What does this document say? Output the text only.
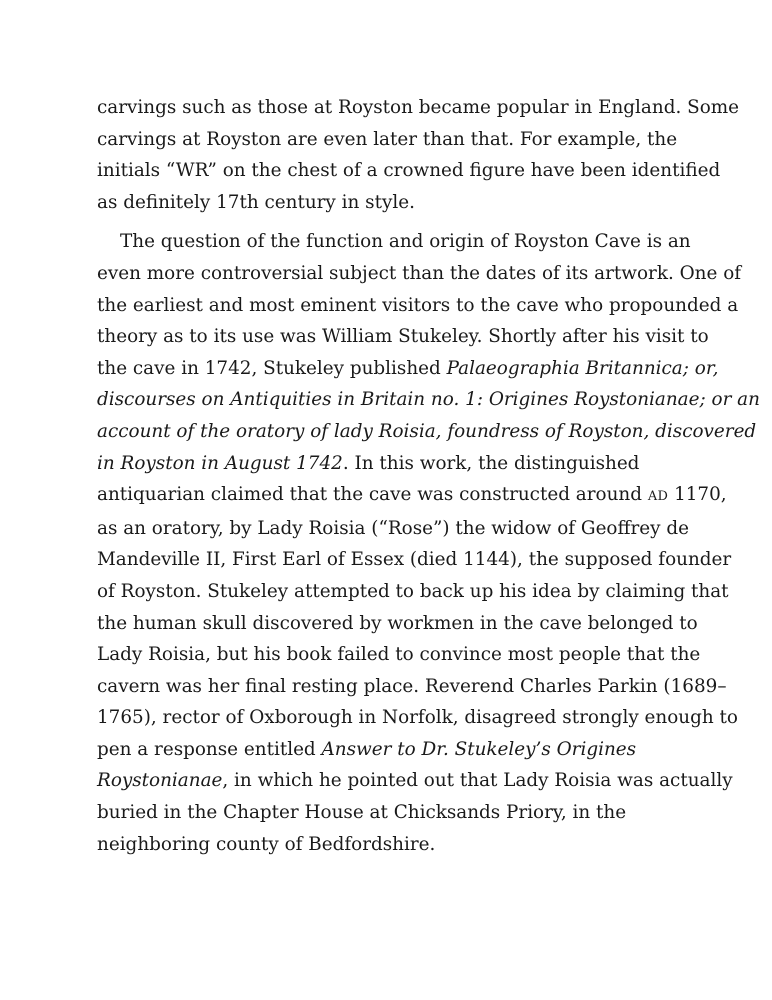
carvings such as those at Royston became popular in England. Some
carvings at Royston are even later than that. For example, the
initials “WR” on the chest of a crowned figure have been identified
as definitely 17th century in style.

The question of the function and origin of Royston Cave is an
even more controversial subject than the dates of its artwork. One of
the earliest and most eminent visitors to the cave who propounded a
theory as to its use was William Stukeley. Shortly after his visit to
the cave in 1742, Stukeley published Palaeographia Britannica; or,
discourses on Antiquities in Britain no. 1: Origines Roystonianae; or an
account of the oratory of lady Roisia, foundress of Royston, discovered
in Royston in August 1742. In this work, the distinguished
antiquarian claimed that the cave was constructed around AD 1170,
as an oratory, by Lady Roisia (“Rose”) the widow of Geoffrey de
Mandeville II, First Earl of Essex (died 1144), the supposed founder
of Royston. Stukeley attempted to back up his idea by claiming that
the human skull discovered by workmen in the cave belonged to
Lady Roisia, but his book failed to convince most people that the
cavern was her final resting place. Reverend Charles Parkin (1689–
1765), rector of Oxborough in Norfolk, disagreed strongly enough to
pen a response entitled Answer to Dr. Stukeley’s Origines
Roystonianae, in which he pointed out that Lady Roisia was actually
buried in the Chapter House at Chicksands Priory, in the
neighboring county of Bedfordshire.
